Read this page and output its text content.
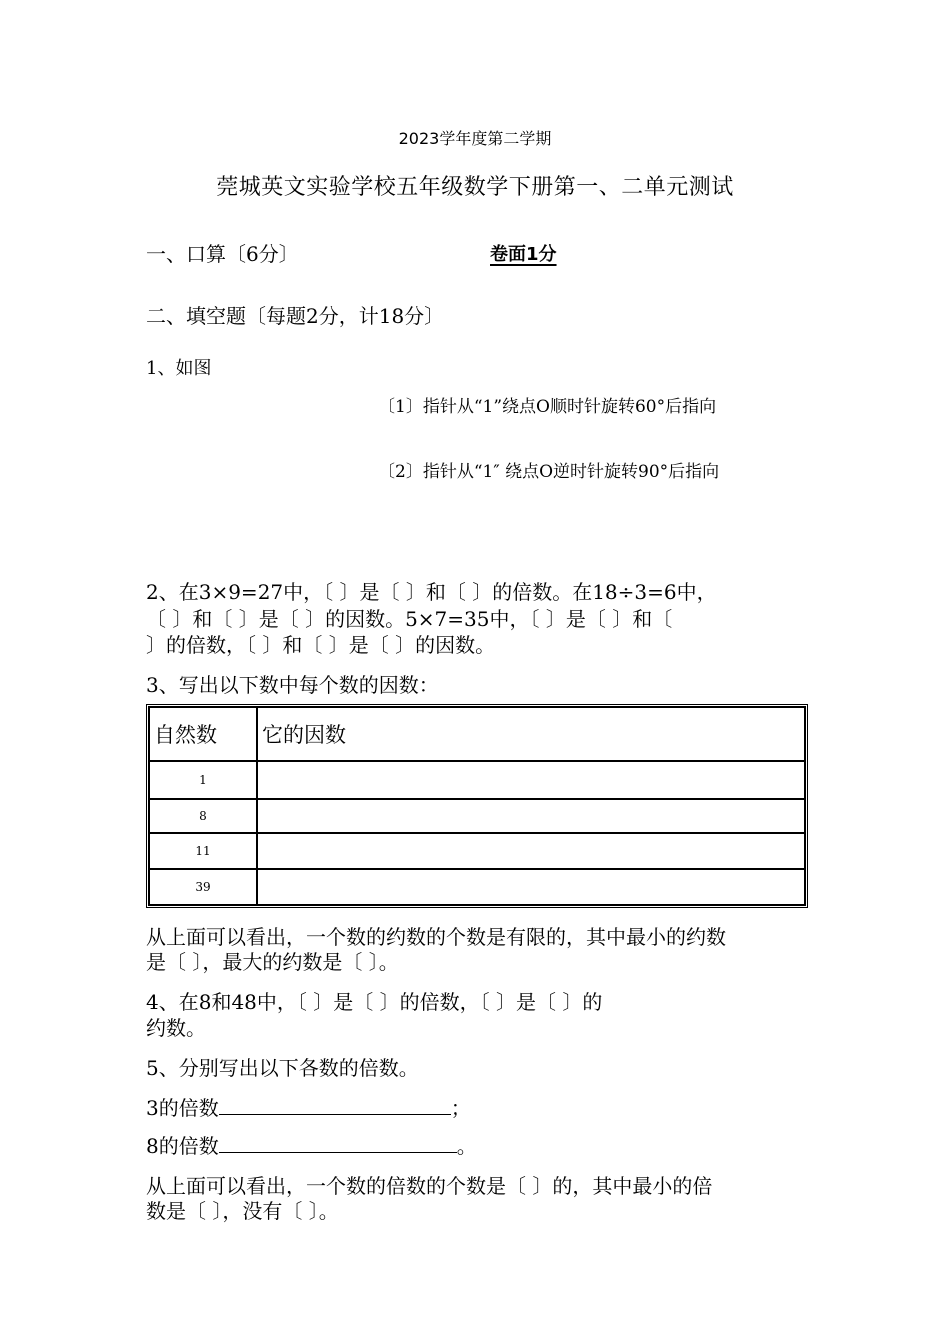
2023学年度第二学期
莞城英文实验学校五年级数学下册第一、二单元测试
一、口算〔6分〕	卷面1分
二、填空题〔每题2分，计18分〕
1、如图
〔1〕指针从“1”绕点O顺时针旋转60°后指向
〔2〕指针从“1″ 绕点O逆时针旋转90°后指向
2、在3×9=27中，〔 〕是〔 〕和〔 〕的倍数。在18÷3=6中，
〔 〕和〔 〕是〔 〕的因数。5×7=35中，〔 〕是〔 〕和〔
〕的倍数，〔 〕和〔 〕是〔 〕的因数。
3、写出以下数中每个数的因数：
自然数	它的因数
1	
8	
11	
39	
从上面可以看出，一个数的约数的个数是有限的，其中最小的约数
是〔 〕，最大的约数是〔 〕。
4、在8和48中，〔 〕是〔 〕的倍数，〔 〕是〔 〕的
约数。
5、分别写出以下各数的倍数。
3的倍数	；
8的倍数	。
从上面可以看出，一个数的倍数的个数是〔 〕的，其中最小的倍
数是〔 〕，没有〔 〕。
